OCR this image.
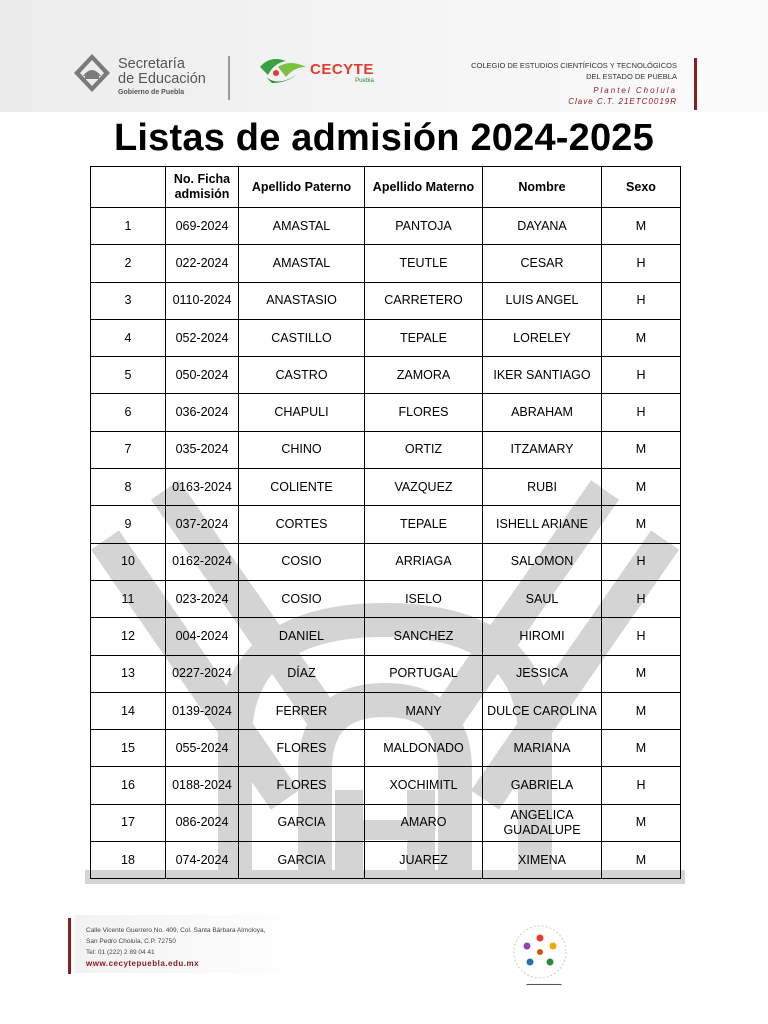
Secretaría
de Educación
Gobierno de Puebla
CECYTE
Puebla
COLEGIO DE ESTUDIOS CIENTÍFICOS Y TECNOLÓGICOS
DEL ESTADO DE PUEBLA
Plantel Cholula
Clave C.T. 21ETC0019R
Listas de admisión 2024-2025
	No. Ficha admisión	Apellido Paterno	Apellido Materno	Nombre	Sexo
1	069-2024	AMASTAL	PANTOJA	DAYANA	M
2	022-2024	AMASTAL	TEUTLE	CESAR	H
3	0110-2024	ANASTASIO	CARRETERO	LUIS ANGEL	H
4	052-2024	CASTILLO	TEPALE	LORELEY	M
5	050-2024	CASTRO	ZAMORA	IKER SANTIAGO	H
6	036-2024	CHAPULI	FLORES	ABRAHAM	H
7	035-2024	CHINO	ORTIZ	ITZAMARY	M
8	0163-2024	COLIENTE	VAZQUEZ	RUBI	M
9	037-2024	CORTES	TEPALE	ISHELL ARIANE	M
10	0162-2024	COSIO	ARRIAGA	SALOMON	H
11	023-2024	COSIO	ISELO	SAUL	H
12	004-2024	DANIEL	SANCHEZ	HIROMI	H
13	0227-2024	DÍAZ	PORTUGAL	JESSICA	M
14	0139-2024	FERRER	MANY	DULCE CAROLINA	M
15	055-2024	FLORES	MALDONADO	MARIANA	M
16	0188-2024	FLORES	XOCHIMITL	GABRIELA	H
17	086-2024	GARCIA	AMARO	ANGELICA GUADALUPE	M
18	074-2024	GARCIA	JUAREZ	XIMENA	M
Calle Vicente Guerrero No. 409, Col. Santa Bárbara Almoloya,
San Pedro Cholula, C.P. 72750
Tel: 01 (222) 2 89 04 41
www.cecytepuebla.edu.mx
▬▬▬▬▬▬▬▬▬▬
